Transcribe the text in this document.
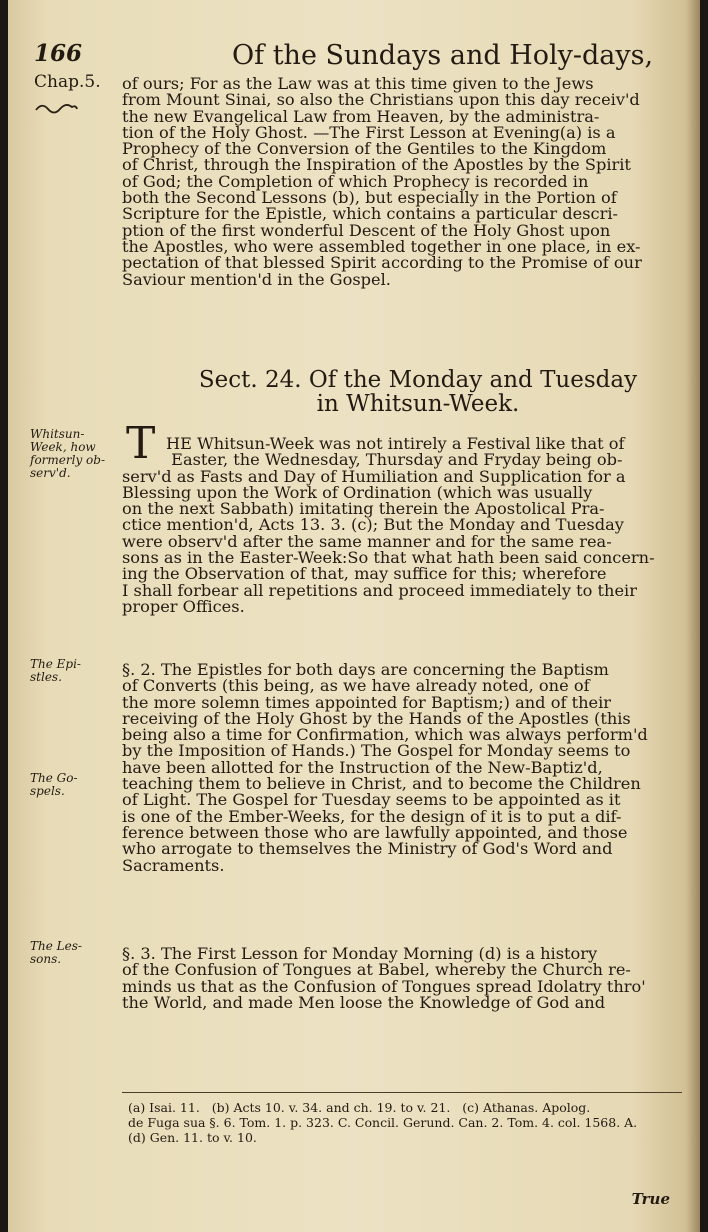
166	Of the Sundays and Holy-days,
Chap.5. of ours; For as the Law was at this time given to the Jews
from Mount Sinai, so also the Christians upon this day receiv'd
the new Evangelical Law from Heaven, by the administra-
tion of the Holy Ghost. —The First Lesson at Evening(a) is a
Prophecy of the Conversion of the Gentiles to the Kingdom
of Christ, through the Inspiration of the Apostles by the Spirit
of God; the Completion of which Prophecy is recorded in
both the Second Lessons (b), but especially in the Portion of
Scripture for the Epistle, which contains a particular descri-
ption of the first wonderful Descent of the Holy Ghost upon
the Apostles, who were assembled together in one place, in ex-
pectation of that blessed Spirit according to the Promise of our
Saviour mention'd in the Gospel.
Sect. 24. Of the Monday and Tuesday
in Whitsun-Week.
Whitsun-
Week, how
formerly ob-
serv'd.
T HE Whitsun-Week was not intirely a Festival like that of
Easter, the Wednesday, Thursday and Fryday being ob-
serv'd as Fasts and Day of Humiliation and Supplication for a
Blessing upon the Work of Ordination (which was usually
on the next Sabbath) imitating therein the Apostolical Pra-
ctice mention'd, Acts 13. 3. (c); But the Monday and Tuesday
were observ'd after the same manner and for the same rea-
sons as in the Easter-Week:So that what hath been said concern-
ing the Observation of that, may suffice for this; wherefore
I shall forbear all repetitions and proceed immediately to their
proper Offices.
The Epi-
stles.	§. 2. The Epistles for both days are concerning the Baptism
of Converts (this being, as we have already noted, one of
the more solemn times appointed for Baptism;) and of their
receiving of the Holy Ghost by the Hands of the Apostles (this
being also a time for Confirmation, which was always perform'd
by the Imposition of Hands.) The Gospel for Monday seems to
have been allotted for the Instruction of the New-Baptiz'd,
teaching them to believe in Christ, and to become the Children
of Light. The Gospel for Tuesday seems to be appointed as it
is one of the Ember-Weeks, for the design of it is to put a dif-
ference between those who are lawfully appointed, and those
who arrogate to themselves the Ministry of God's Word and
Sacraments.
The Go-
spels.
The Les-
sons.	§. 3. The First Lesson for Monday Morning (d) is a history
of the Confusion of Tongues at Babel, whereby the Church re-
minds us that as the Confusion of Tongues spread Idolatry thro'
the World, and made Men loose the Knowledge of God and
(a) Isai. 11.   (b) Acts 10. v. 34. and ch. 19. to v. 21.   (c) Athanas. Apolog.
de Fuga sua §. 6. Tom. 1. p. 323. C. Concil. Gerund. Can. 2. Tom. 4. col. 1568. A.
(d) Gen. 11. to v. 10.
True
